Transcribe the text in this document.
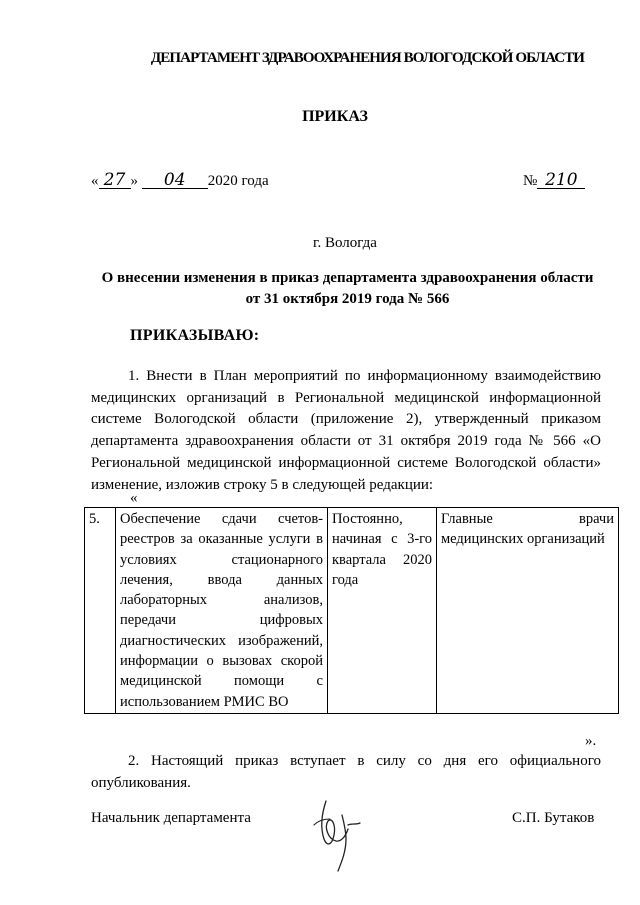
ДЕПАРТАМЕНТ ЗДРАВООХРАНЕНИЯ ВОЛОГОДСКОЙ ОБЛАСТИ
ПРИКАЗ
« 27 » 04 2020 года	№ 210
г. Вологда
О внесении изменения в приказ департамента здравоохранения области
от 31 октября 2019 года № 566
ПРИКАЗЫВАЮ:
1. Внести в План мероприятий по информационному взаимодействию медицинских организаций в Региональной медицинской информационной системе Вологодской области (приложение 2), утвержденный приказом департамента здравоохранения области от 31 октября 2019 года № 566 «О Региональной медицинской информационной системе Вологодской области» изменение, изложив строку 5 в следующей редакции:
«
5.	Обеспечение сдачи счетов-реестров за оказанные услуги в условиях стационарного лечения, ввода данных лабораторных анализов, передачи цифровых диагностических изображений, информации о вызовах скорой медицинской помощи с использованием РМИС ВО	Постоянно, начиная с 3-го квартала 2020 года	Главные врачи медицинских организаций
».
2. Настоящий приказ вступает в силу со дня его официального опубликования.
Начальник департамента	С.П. Бутаков
